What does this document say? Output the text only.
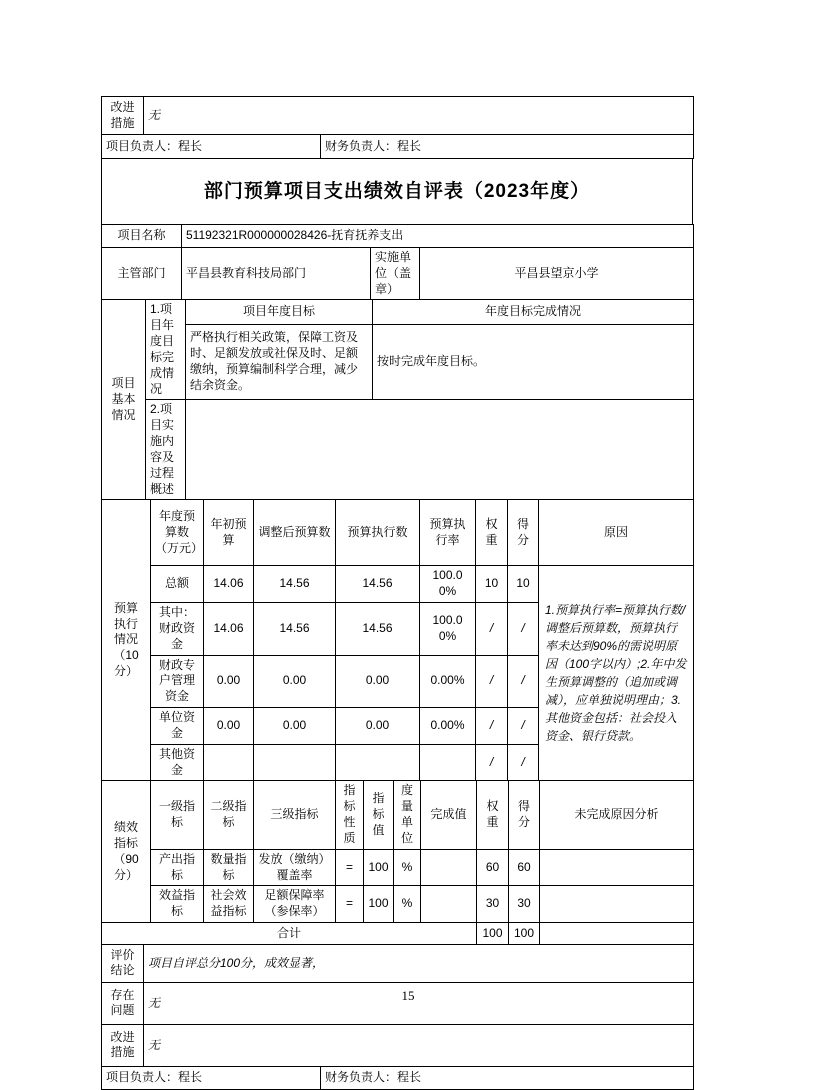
改进措施	无	
项目负责人：程长		财务负责人：程长
部门预算项目支出绩效自评表（2023年度）
项目名称	51192321R000000028426-抚育抚养支出		
主管部门	平昌县教育科技局部门	实施单位（盖章）	平昌县望京小学
项目基本情况	1.项目年度目标完成情况	项目年度目标	年度目标完成情况
		严格执行相关政策，保障工资及时、足额发放或社保及时、足额缴纳，预算编制科学合理，减少结余资金。	按时完成年度目标。
	2.项目实施内容及过程概述		
预算执行情况（10分）	年度预算数（万元）	年初预算	调整后预算数	预算执行数	预算执行率	权重	得分	原因
	总额	14.06	14.56	14.56	100.00%	10	10	1.预算执行率=预算执行数/调整后预算数，预算执行率未达到90%的需说明原因（100字以内）;2.年中发生预算调整的（追加或调减），应单独说明理由；3.其他资金包括：社会投入资金、银行贷款。
	其中：财政资金	14.06	14.56	14.56	100.00%	/	/	
	财政专户管理资金	0.00	0.00	0.00	0.00%	/	/	
	单位资金	0.00	0.00	0.00	0.00%	/	/	
	其他资金					/	/	
绩效指标（90分）	一级指标	二级指标	三级指标	指标性质	指标值	度量单位	完成值	权重	得分	未完成原因分析
	产出指标	数量指标	发放（缴纳）覆盖率	=	100	%		60	60	
	效益指标	社会效益指标	足额保障率（参保率）	=	100	%		30	30	
合计								100	100	
评价结论	项目自评总分100分，成效显著，	
存在问题	无	
改进措施	无	
项目负责人：程长		财务负责人：程长
15
